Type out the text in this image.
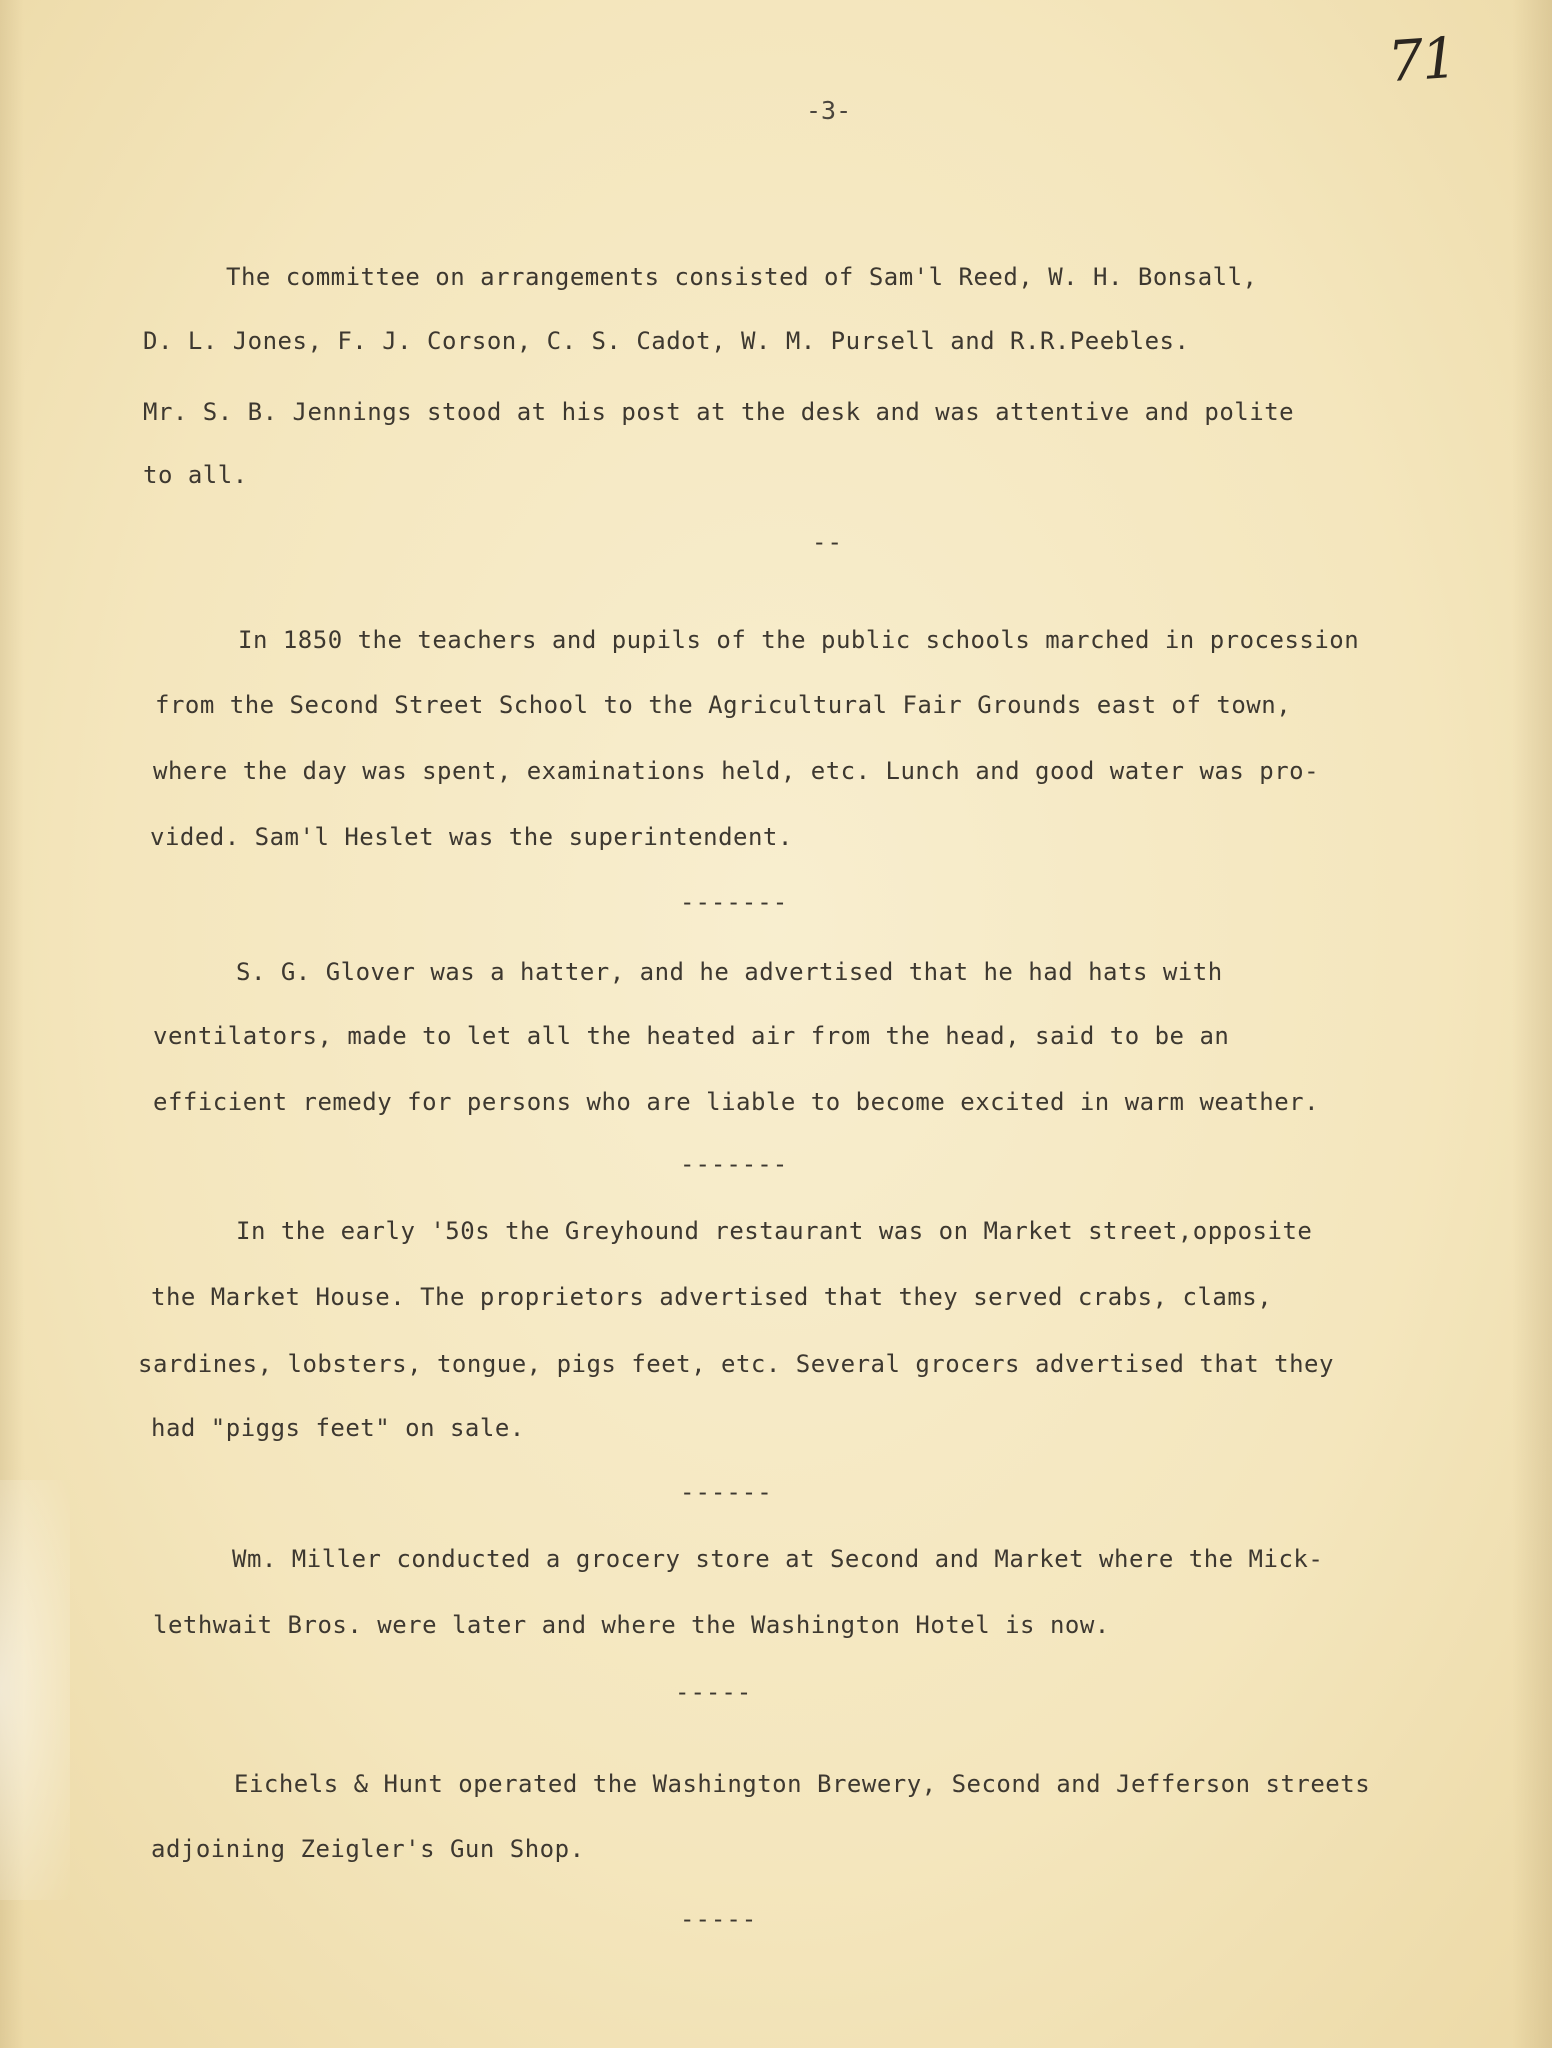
71
-3-
The committee on arrangements consisted of Sam'l Reed, W. H. Bonsall,
D. L. Jones, F. J. Corson, C. S. Cadot, W. M. Pursell and R.R.Peebles.
Mr. S. B. Jennings stood at his post at the desk and was attentive and polite
to all.
--
In 1850 the teachers and pupils of the public schools marched in procession
from the Second Street School to the Agricultural Fair Grounds east of town,
where the day was spent, examinations held, etc. Lunch and good water was pro-
vided. Sam'l Heslet was the superintendent.
-------
S. G. Glover was a hatter, and he advertised that he had hats with
ventilators, made to let all the heated air from the head, said to be an
efficient remedy for persons who are liable to become excited in warm weather.
-------
In the early '50s the Greyhound restaurant was on Market street,opposite
the Market House. The proprietors advertised that they served crabs, clams,
sardines, lobsters, tongue, pigs feet, etc. Several grocers advertised that they
had "piggs feet" on sale.
------
Wm. Miller conducted a grocery store at Second and Market where the Mick-
lethwait Bros. were later and where the Washington Hotel is now.
-----
Eichels & Hunt operated the Washington Brewery, Second and Jefferson streets
adjoining Zeigler's Gun Shop.
-----
